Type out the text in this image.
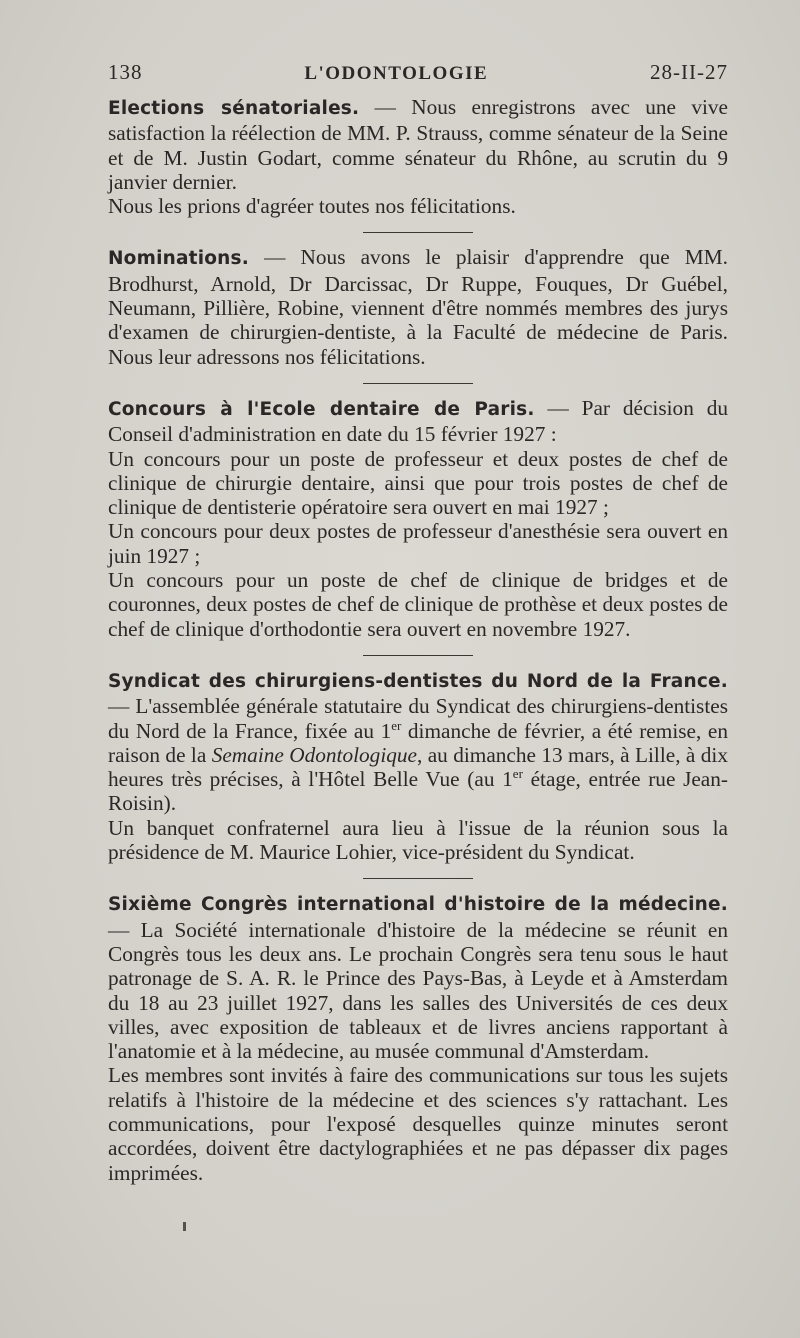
138	L'ODONTOLOGIE	28-II-27

Elections sénatoriales. — Nous enregistrons avec une vive satisfaction la réélection de MM. P. Strauss, comme sénateur de la Seine et de M. Justin Godart, comme sénateur du Rhône, au scrutin du 9 janvier dernier.

Nous les prions d'agréer toutes nos félicitations.

Nominations. — Nous avons le plaisir d'apprendre que MM. Brodhurst, Arnold, Dr Darcissac, Dr Ruppe, Fouques, Dr Guébel, Neumann, Pillière, Robine, viennent d'être nommés membres des jurys d'examen de chirurgien-dentiste, à la Faculté de médecine de Paris. Nous leur adressons nos félicitations.

Concours à l'Ecole dentaire de Paris. — Par décision du Conseil d'administration en date du 15 février 1927 :

Un concours pour un poste de professeur et deux postes de chef de clinique de chirurgie dentaire, ainsi que pour trois postes de chef de clinique de dentisterie opératoire sera ouvert en mai 1927 ;

Un concours pour deux postes de professeur d'anesthésie sera ouvert en juin 1927 ;

Un concours pour un poste de chef de clinique de bridges et de couronnes, deux postes de chef de clinique de prothèse et deux postes de chef de clinique d'orthodontie sera ouvert en novembre 1927.

Syndicat des chirurgiens-dentistes du Nord de la France. — L'assemblée générale statutaire du Syndicat des chirurgiens-dentistes du Nord de la France, fixée au 1er dimanche de février, a été remise, en raison de la Semaine Odontologique, au dimanche 13 mars, à Lille, à dix heures très précises, à l'Hôtel Belle Vue (au 1er étage, entrée rue Jean-Roisin).

Un banquet confraternel aura lieu à l'issue de la réunion sous la présidence de M. Maurice Lohier, vice-président du Syndicat.

Sixième Congrès international d'histoire de la médecine. — La Société internationale d'histoire de la médecine se réunit en Congrès tous les deux ans. Le prochain Congrès sera tenu sous le haut patronage de S. A. R. le Prince des Pays-Bas, à Leyde et à Amsterdam du 18 au 23 juillet 1927, dans les salles des Universités de ces deux villes, avec exposition de tableaux et de livres anciens rapportant à l'anatomie et à la médecine, au musée communal d'Amsterdam.

Les membres sont invités à faire des communications sur tous les sujets relatifs à l'histoire de la médecine et des sciences s'y rattachant. Les communications, pour l'exposé desquelles quinze minutes seront accordées, doivent être dactylographiées et ne pas dépasser dix pages imprimées.
